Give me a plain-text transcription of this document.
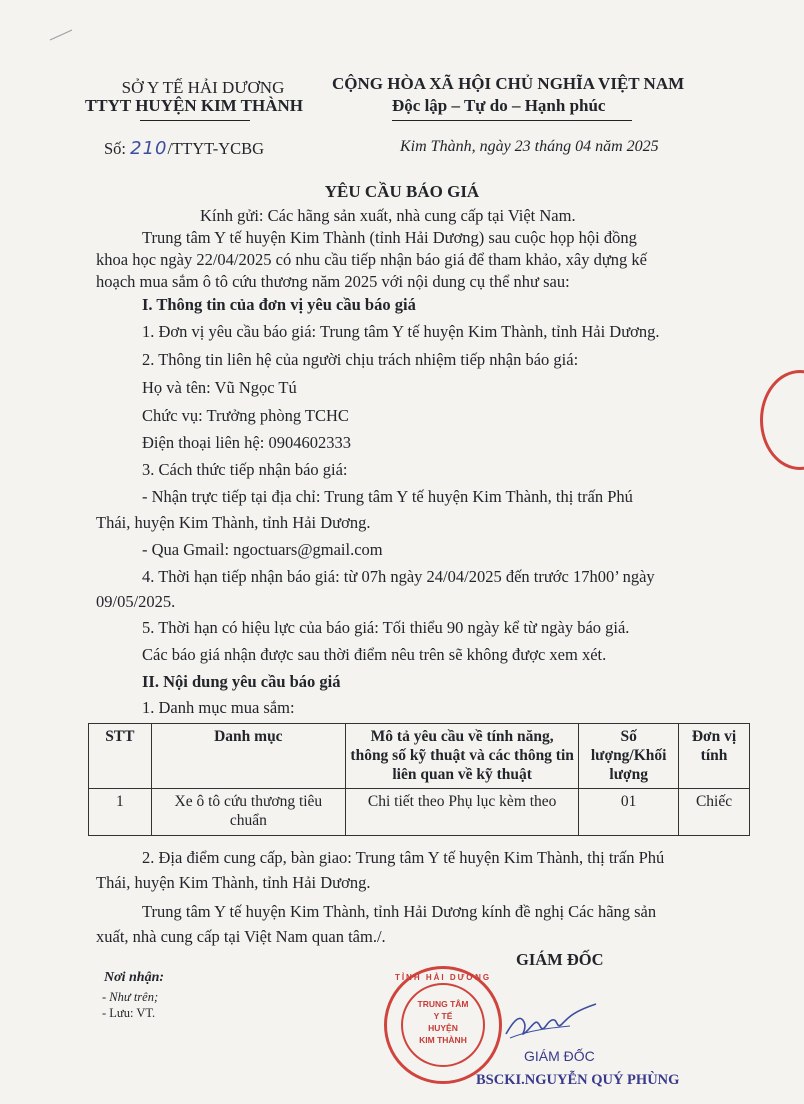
SỞ Y TẾ HẢI DƯƠNG
TTYT HUYỆN KIM THÀNH
CỘNG HÒA XÃ HỘI CHỦ NGHĨA VIỆT NAM
Độc lập – Tự do – Hạnh phúc
Số: 210/TTYT-YCBG	Kim Thành, ngày 23 tháng 04 năm 2025
YÊU CẦU BÁO GIÁ
Kính gửi: Các hãng sản xuất, nhà cung cấp tại Việt Nam.
Trung tâm Y tế huyện Kim Thành (tỉnh Hải Dương) sau cuộc họp hội đồng
khoa học ngày 22/04/2025 có nhu cầu tiếp nhận báo giá để tham khảo, xây dựng kế
hoạch mua sắm ô tô cứu thương năm 2025 với nội dung cụ thể như sau:
I. Thông tin của đơn vị yêu cầu báo giá
1. Đơn vị yêu cầu báo giá: Trung tâm Y tế huyện Kim Thành, tỉnh Hải Dương.
2. Thông tin liên hệ của người chịu trách nhiệm tiếp nhận báo giá:
Họ và tên: Vũ Ngọc Tú
Chức vụ: Trưởng phòng TCHC
Điện thoại liên hệ: 0904602333
3. Cách thức tiếp nhận báo giá:
- Nhận trực tiếp tại địa chỉ: Trung tâm Y tế huyện Kim Thành, thị trấn Phú
Thái, huyện Kim Thành, tỉnh Hải Dương.
- Qua Gmail: ngoctuars@gmail.com
4. Thời hạn tiếp nhận báo giá: từ 07h ngày 24/04/2025 đến trước 17h00’ ngày
09/05/2025.
5. Thời hạn có hiệu lực của báo giá: Tối thiểu 90 ngày kể từ ngày báo giá.
Các báo giá nhận được sau thời điểm nêu trên sẽ không được xem xét.
II. Nội dung yêu cầu báo giá
1. Danh mục mua sắm:
STT	Danh mục	Mô tả yêu cầu về tính năng, thông số kỹ thuật và các thông tin liên quan về kỹ thuật	Số lượng/Khối lượng	Đơn vị tính
1	Xe ô tô cứu thương tiêu chuẩn	Chi tiết theo Phụ lục kèm theo	01	Chiếc
2. Địa điểm cung cấp, bàn giao: Trung tâm Y tế huyện Kim Thành, thị trấn Phú
Thái, huyện Kim Thành, tỉnh Hải Dương.
Trung tâm Y tế huyện Kim Thành, tỉnh Hải Dương kính đề nghị Các hãng sản
xuất, nhà cung cấp tại Việt Nam quan tâm./.
GIÁM ĐỐC
Nơi nhận:
- Như trên;
- Lưu: VT.
TỈNH HẢI DƯƠNG
TRUNG TÂM
Y TẾ
HUYỆN
KIM THÀNH
GIÁM ĐỐC
BSCKI.NGUYỄN QUÝ PHÙNG
